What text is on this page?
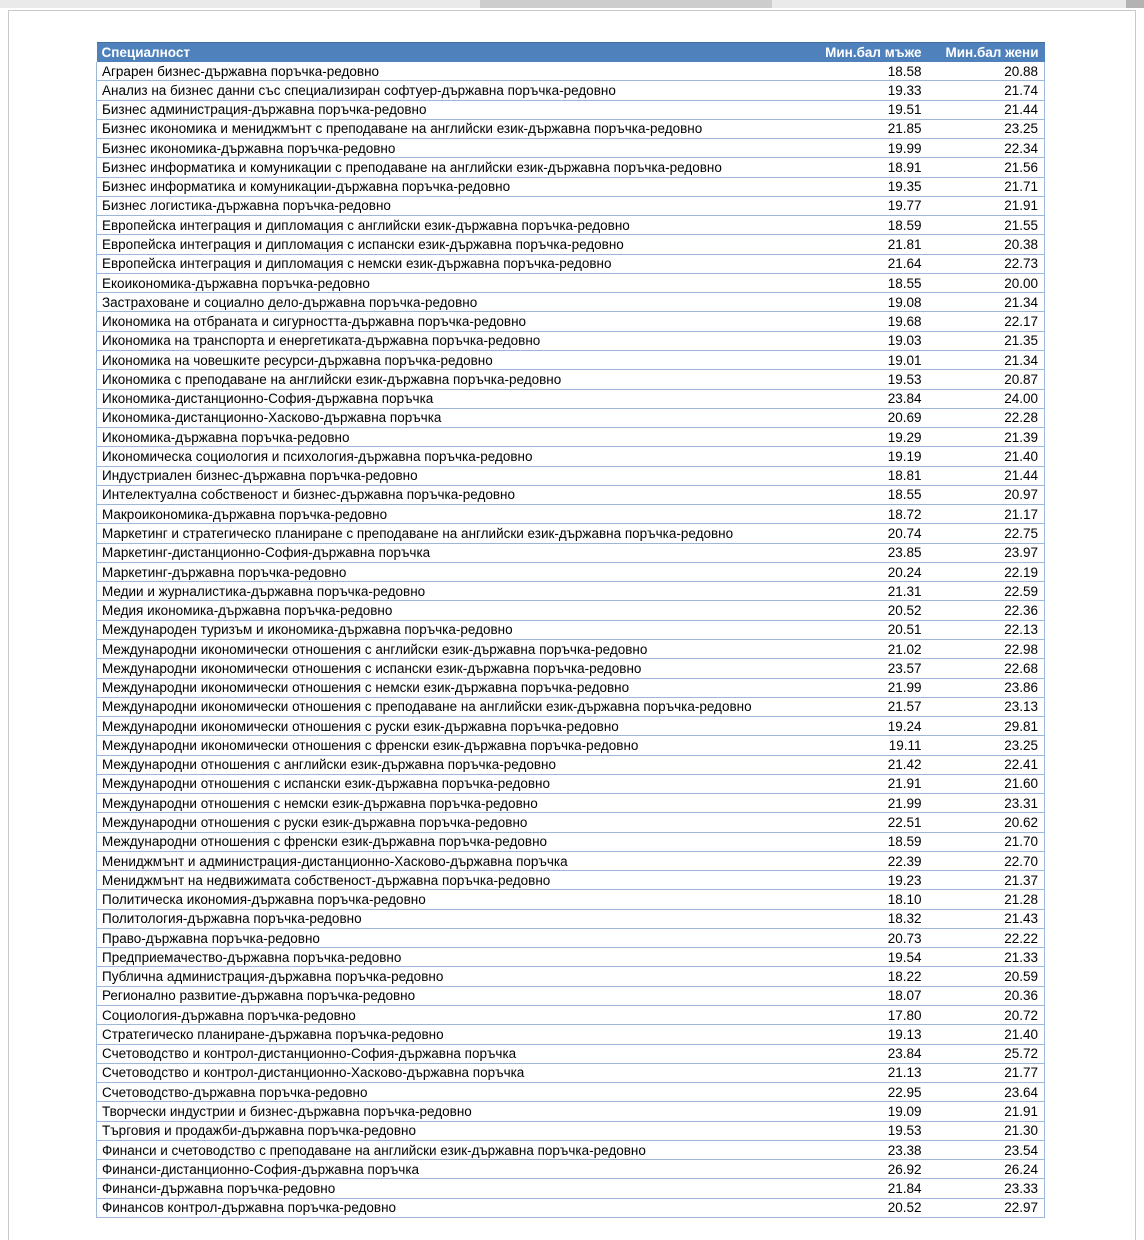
Специалност	Мин.бал мъже	Мин.бал жени
Аграрен бизнес-държавна поръчка-редовно	18.58	20.88
Анализ на бизнес данни със специализиран софтуер-държавна поръчка-редовно	19.33	21.74
Бизнес администрация-държавна поръчка-редовно	19.51	21.44
Бизнес икономика и мениджмънт с преподаване на английски език-държавна поръчка-редовно	21.85	23.25
Бизнес икономика-държавна поръчка-редовно	19.99	22.34
Бизнес информатика и комуникации с преподаване на английски език-държавна поръчка-редовно	18.91	21.56
Бизнес информатика и комуникации-държавна поръчка-редовно	19.35	21.71
Бизнес логистика-държавна поръчка-редовно	19.77	21.91
Европейска интеграция и дипломация с английски език-държавна поръчка-редовно	18.59	21.55
Европейска интеграция и дипломация с испански език-държавна поръчка-редовно	21.81	20.38
Европейска интеграция и дипломация с немски език-държавна поръчка-редовно	21.64	22.73
Екоикономика-държавна поръчка-редовно	18.55	20.00
Застраховане и социално дело-държавна поръчка-редовно	19.08	21.34
Икономика на отбраната и сигурността-държавна поръчка-редовно	19.68	22.17
Икономика на транспорта и енергетиката-държавна поръчка-редовно	19.03	21.35
Икономика на човешките ресурси-държавна поръчка-редовно	19.01	21.34
Икономика с преподаване на английски език-държавна поръчка-редовно	19.53	20.87
Икономика-дистанционно-София-държавна поръчка	23.84	24.00
Икономика-дистанционно-Хасково-държавна поръчка	20.69	22.28
Икономика-държавна поръчка-редовно	19.29	21.39
Икономическа социология и психология-държавна поръчка-редовно	19.19	21.40
Индустриален бизнес-държавна поръчка-редовно	18.81	21.44
Интелектуална собственост и бизнес-държавна поръчка-редовно	18.55	20.97
Макроикономика-държавна поръчка-редовно	18.72	21.17
Маркетинг и стратегическо планиране с преподаване на английски език-държавна поръчка-редовно	20.74	22.75
Маркетинг-дистанционно-София-държавна поръчка	23.85	23.97
Маркетинг-държавна поръчка-редовно	20.24	22.19
Медии и журналистика-държавна поръчка-редовно	21.31	22.59
Медия икономика-държавна поръчка-редовно	20.52	22.36
Международен туризъм и икономика-държавна поръчка-редовно	20.51	22.13
Международни икономически отношения с английски език-държавна поръчка-редовно	21.02	22.98
Международни икономически отношения с испански език-държавна поръчка-редовно	23.57	22.68
Международни икономически отношения с немски език-държавна поръчка-редовно	21.99	23.86
Международни икономически отношения с преподаване на английски език-държавна поръчка-редовно	21.57	23.13
Международни икономически отношения с руски език-държавна поръчка-редовно	19.24	29.81
Международни икономически отношения с френски език-държавна поръчка-редовно	19.11	23.25
Международни отношения с английски език-държавна поръчка-редовно	21.42	22.41
Международни отношения с испански език-държавна поръчка-редовно	21.91	21.60
Международни отношения с немски език-държавна поръчка-редовно	21.99	23.31
Международни отношения с руски език-държавна поръчка-редовно	22.51	20.62
Международни отношения с френски език-държавна поръчка-редовно	18.59	21.70
Мениджмънт и администрация-дистанционно-Хасково-държавна поръчка	22.39	22.70
Мениджмънт на недвижимата собственост-държавна поръчка-редовно	19.23	21.37
Политическа икономия-държавна поръчка-редовно	18.10	21.28
Политология-държавна поръчка-редовно	18.32	21.43
Право-държавна поръчка-редовно	20.73	22.22
Предприемачество-държавна поръчка-редовно	19.54	21.33
Публична администрация-държавна поръчка-редовно	18.22	20.59
Регионално развитие-държавна поръчка-редовно	18.07	20.36
Социология-държавна поръчка-редовно	17.80	20.72
Стратегическо планиране-държавна поръчка-редовно	19.13	21.40
Счетоводство и контрол-дистанционно-София-държавна поръчка	23.84	25.72
Счетоводство и контрол-дистанционно-Хасково-държавна поръчка	21.13	21.77
Счетоводство-държавна поръчка-редовно	22.95	23.64
Творчески индустрии и бизнес-държавна поръчка-редовно	19.09	21.91
Търговия и продажби-държавна поръчка-редовно	19.53	21.30
Финанси и счетоводство с преподаване на английски език-държавна поръчка-редовно	23.38	23.54
Финанси-дистанционно-София-държавна поръчка	26.92	26.24
Финанси-държавна поръчка-редовно	21.84	23.33
Финансов контрол-държавна поръчка-редовно	20.52	22.97
